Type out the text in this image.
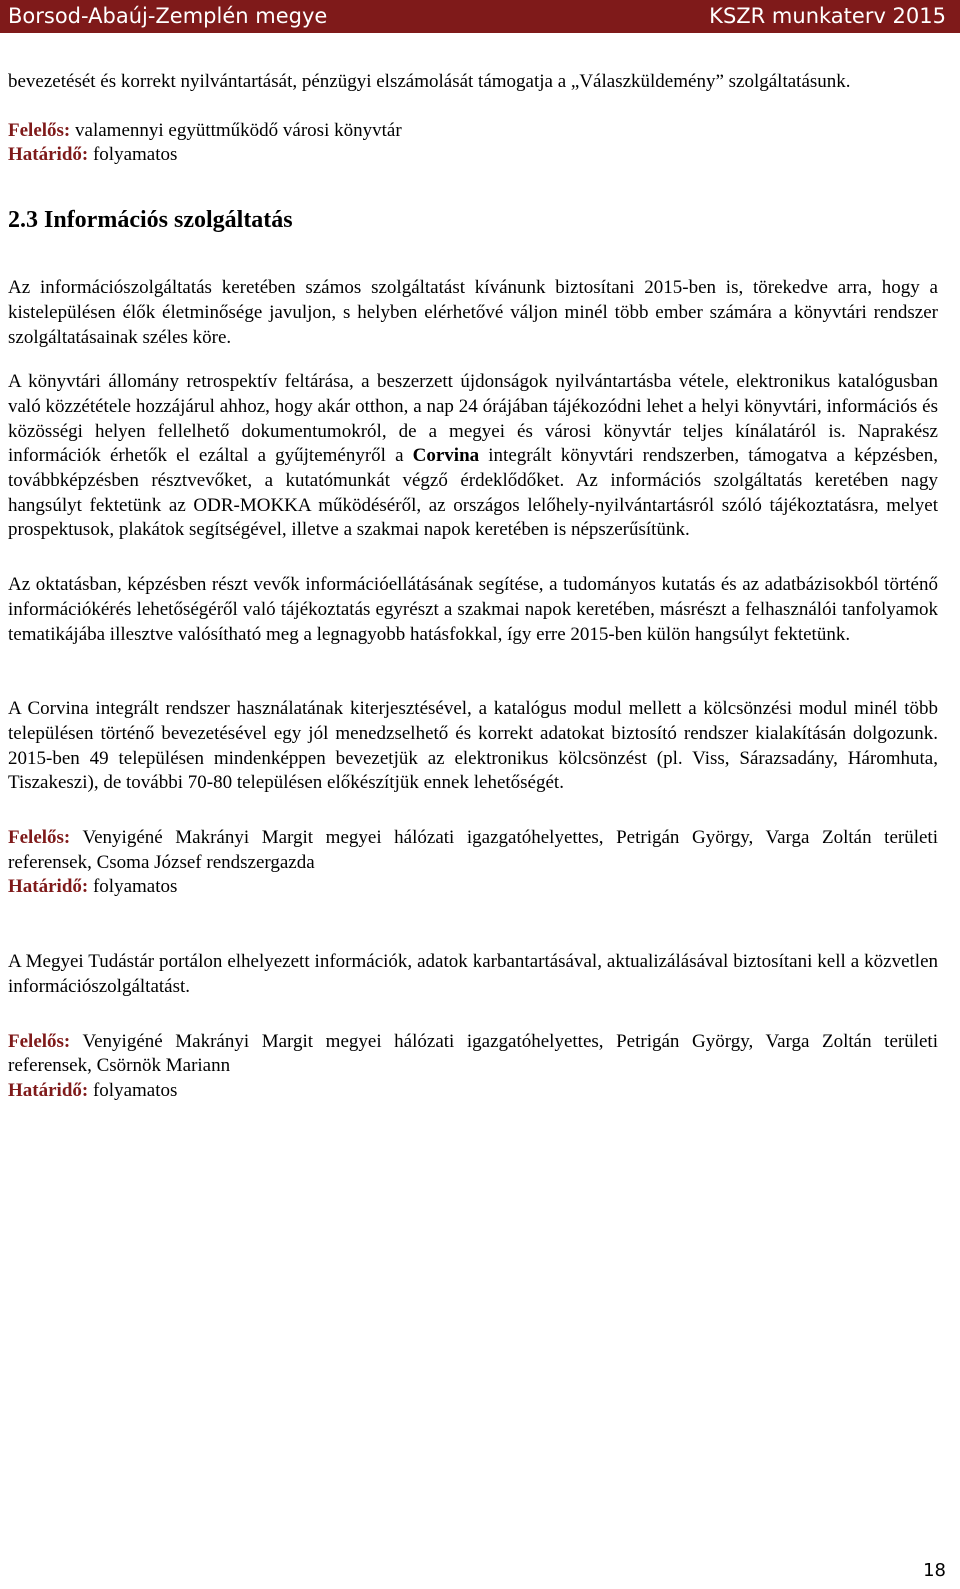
Borsod-Abaúj-Zemplén megye	KSZR munkaterv 2015

bevezetését és korrekt nyilvántartását, pénzügyi elszámolását támogatja a „Válaszküldemény” szolgáltatásunk.

Felelős: valamennyi együttműködő városi könyvtár

Határidő: folyamatos

2.3 Információs szolgáltatás

Az információszolgáltatás keretében számos szolgáltatást kívánunk biztosítani 2015-ben is, törekedve arra, hogy a kistelepülésen élők életminősége javuljon, s helyben elérhetővé váljon minél több ember számára a könyvtári rendszer szolgáltatásainak széles köre.

A könyvtári állomány retrospektív feltárása, a beszerzett újdonságok nyilvántartásba vétele, elektronikus katalógusban való közzététele hozzájárul ahhoz, hogy akár otthon, a nap 24 órájában tájékozódni lehet a helyi könyvtári, információs és közösségi helyen fellelhető dokumentumokról, de a megyei és városi könyvtár teljes kínálatáról is. Naprakész információk érhetők el ezáltal a gyűjteményről a Corvina integrált könyvtári rendszerben, támogatva a képzésben, továbbképzésben résztvevőket, a kutatómunkát végző érdeklődőket. Az információs szolgáltatás keretében nagy hangsúlyt fektetünk az ODR-MOKKA működéséről, az országos lelőhely-nyilvántartásról szóló tájékoztatásra, melyet prospektusok, plakátok segítségével, illetve a szakmai napok keretében is népszerűsítünk.

Az oktatásban, képzésben részt vevők információellátásának segítése, a tudományos kutatás és az adatbázisokból történő információkérés lehetőségéről való tájékoztatás egyrészt a szakmai napok keretében, másrészt a felhasználói tanfolyamok tematikájába illesztve valósítható meg a legnagyobb hatásfokkal, így erre 2015-ben külön hangsúlyt fektetünk.

A Corvina integrált rendszer használatának kiterjesztésével, a katalógus modul mellett a kölcsönzési modul minél több településen történő bevezetésével egy jól menedzselhető és korrekt adatokat biztosító rendszer kialakításán dolgozunk. 2015-ben 49 településen mindenképpen bevezetjük az elektronikus kölcsönzést (pl. Viss, Sárazsadány, Háromhuta, Tiszakeszi), de további 70-80 településen előkészítjük ennek lehetőségét.

Felelős: Venyigéné Makrányi Margit megyei hálózati igazgatóhelyettes, Petrigán György, Varga Zoltán területi referensek, Csoma József rendszergazda

Határidő: folyamatos

A Megyei Tudástár portálon elhelyezett információk, adatok karbantartásával, aktualizálásával biztosítani kell a közvetlen információszolgáltatást.

Felelős: Venyigéné Makrányi Margit megyei hálózati igazgatóhelyettes, Petrigán György, Varga Zoltán területi referensek, Csörnök Mariann

Határidő: folyamatos

18
